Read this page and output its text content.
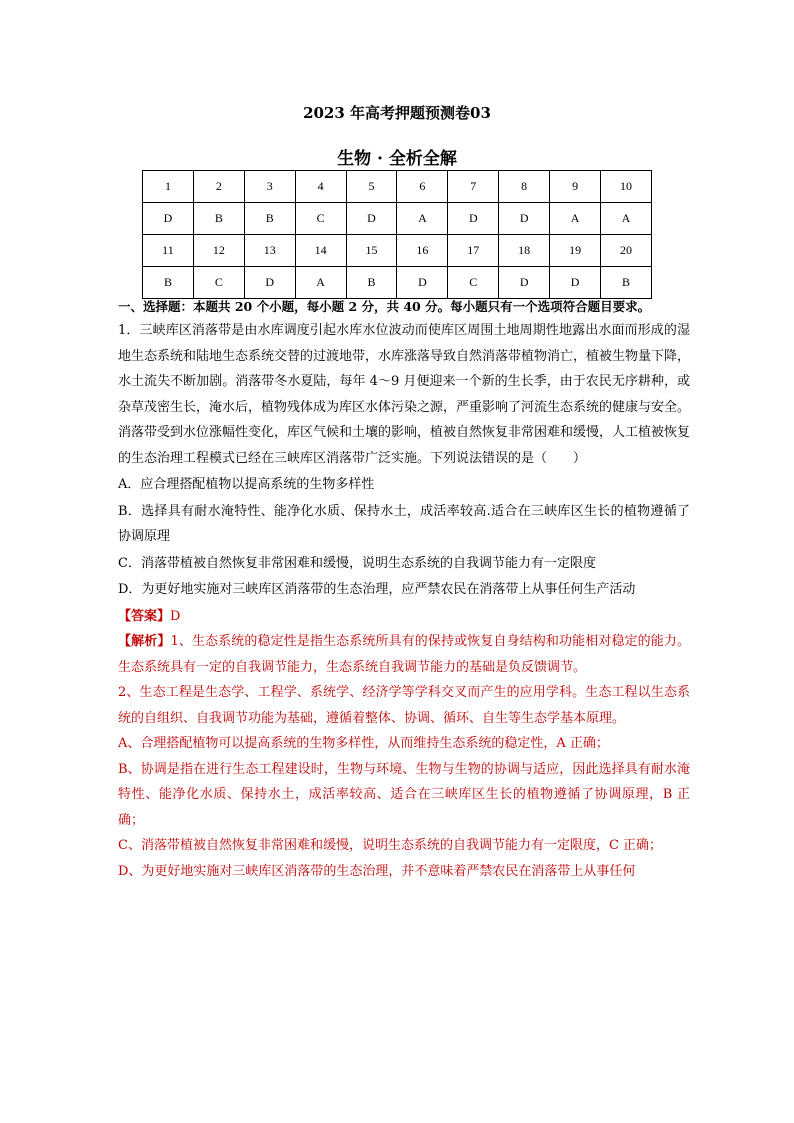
2023 年高考押题预测卷03
生物 · 全析全解
1	2	3	4	5	6	7	8	9	10
D	B	B	C	D	A	D	D	A	A
11	12	13	14	15	16	17	18	19	20
B	C	D	A	B	D	C	D	D	B
一、选择题：本题共 20 个小题，每小题 2 分，共 40 分。每小题只有一个选项符合题目要求。

1．三峡库区消落带是由水库调度引起水库水位波动而使库区周围土地周期性地露出水面而形成的湿地生态系统和陆地生态系统交替的过渡地带，水库涨落导致自然消落带植物消亡，植被生物量下降，水土流失不断加剧。消落带冬水夏陆，每年 4～9 月便迎来一个新的生长季，由于农民无序耕种，或杂草茂密生长，淹水后，植物残体成为库区水体污染之源，严重影响了河流生态系统的健康与安全。消落带受到水位涨幅性变化，库区气候和土壤的影响，植被自然恢复非常困难和缓慢，人工植被恢复的生态治理工程模式已经在三峡库区消落带广泛实施。下列说法错误的是（　　）

A．应合理搭配植物以提高系统的生物多样性

B．选择具有耐水淹特性、能净化水质、保持水土，成活率较高.适合在三峡库区生长的植物遵循了协调原理

C．消落带植被自然恢复非常困难和缓慢，说明生态系统的自我调节能力有一定限度

D．为更好地实施对三峡库区消落带的生态治理，应严禁农民在消落带上从事任何生产活动

【答案】D

【解析】1、生态系统的稳定性是指生态系统所具有的保持或恢复自身结构和功能相对稳定的能力。生态系统具有一定的自我调节能力，生态系统自我调节能力的基础是负反馈调节。

2、生态工程是生态学、工程学、系统学、经济学等学科交叉而产生的应用学科。生态工程以生态系统的自组织、自我调节功能为基础，遵循着整体、协调、循环、自生等生态学基本原理。

A、合理搭配植物可以提高系统的生物多样性，从而维持生态系统的稳定性，A 正确；

B、协调是指在进行生态工程建设时，生物与环境、生物与生物的协调与适应，因此选择具有耐水淹特性、能净化水质、保持水土，成活率较高、适合在三峡库区生长的植物遵循了协调原理，B 正确；

C、消落带植被自然恢复非常困难和缓慢，说明生态系统的自我调节能力有一定限度，C 正确；

D、为更好地实施对三峡库区消落带的生态治理，并不意味着严禁农民在消落带上从事任何
